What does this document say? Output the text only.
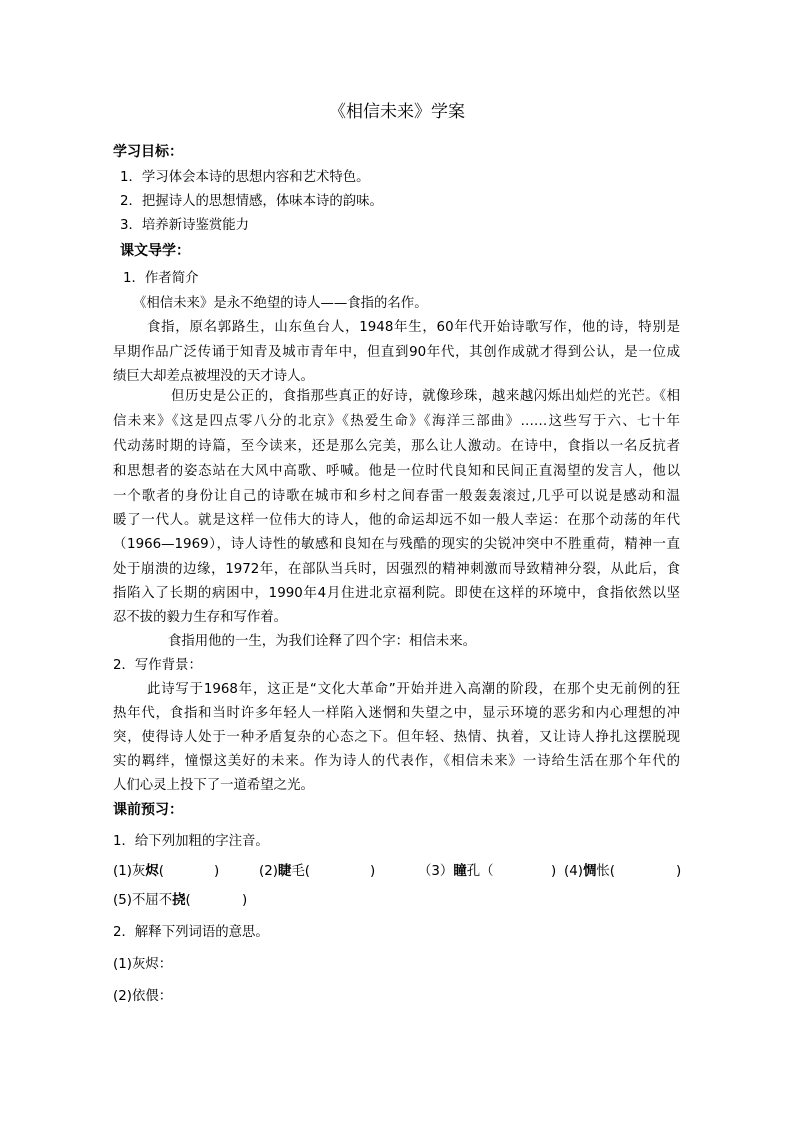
《相信未来》学案
学习目标：
1．学习体会本诗的思想内容和艺术特色。
2．把握诗人的思想情感，体味本诗的韵味。
3．培养新诗鉴赏能力
课文导学：
1．作者简介
《相信未来》是永不绝望的诗人——食指的名作。
食指，原名郭路生，山东鱼台人，1948年生，60年代开始诗歌写作，他的诗，特别是
早期作品广泛传诵于知青及城市青年中，但直到90年代，其创作成就才得到公认，是一位成
绩巨大却差点被埋没的天才诗人。
但历史是公正的，食指那些真正的好诗，就像珍珠，越来越闪烁出灿烂的光芒。《相
信未来》《这是四点零八分的北京》《热爱生命》《海洋三部曲》……这些写于六、七十年
代动荡时期的诗篇，至今读来，还是那么完美，那么让人激动。在诗中，食指以一名反抗者
和思想者的姿态站在大风中高歌、呼喊。他是一位时代良知和民间正直渴望的发言人，他以
一个歌者的身份让自己的诗歌在城市和乡村之间春雷一般轰轰滚过,几乎可以说是感动和温
暖了一代人。就是这样一位伟大的诗人，他的命运却远不如一般人幸运：在那个动荡的年代
（1966—1969），诗人诗性的敏感和良知在与残酷的现实的尖锐冲突中不胜重荷，精神一直
处于崩溃的边缘，1972年，在部队当兵时，因强烈的精神刺激而导致精神分裂，从此后，食
指陷入了长期的病困中，1990年4月住进北京福利院。即使在这样的环境中，食指依然以坚
忍不拔的毅力生存和写作着。
食指用他的一生，为我们诠释了四个字：相信未来。
2．写作背景：
此诗写于1968年，这正是“文化大革命”开始并进入高潮的阶段，在那个史无前例的狂
热年代，食指和当时许多年轻人一样陷入迷惘和失望之中，显示环境的恶劣和内心理想的冲
突，使得诗人处于一种矛盾复杂的心态之下。但年轻、热情、执着，又让诗人挣扎这摆脱现
实的羁绊，憧憬这美好的未来。作为诗人的代表作，《相信未来》一诗给生活在那个年代的
人们心灵上投下了一道希望之光。
课前预习：
1．给下列加粗的字注音。
(1)灰烬(	)	(2)睫毛(	)	（3）瞳孔（	) (4)惆怅(	)
(5)不屈不挠(	)
2．解释下列词语的意思。
(1)灰烬：
(2)依偎：
